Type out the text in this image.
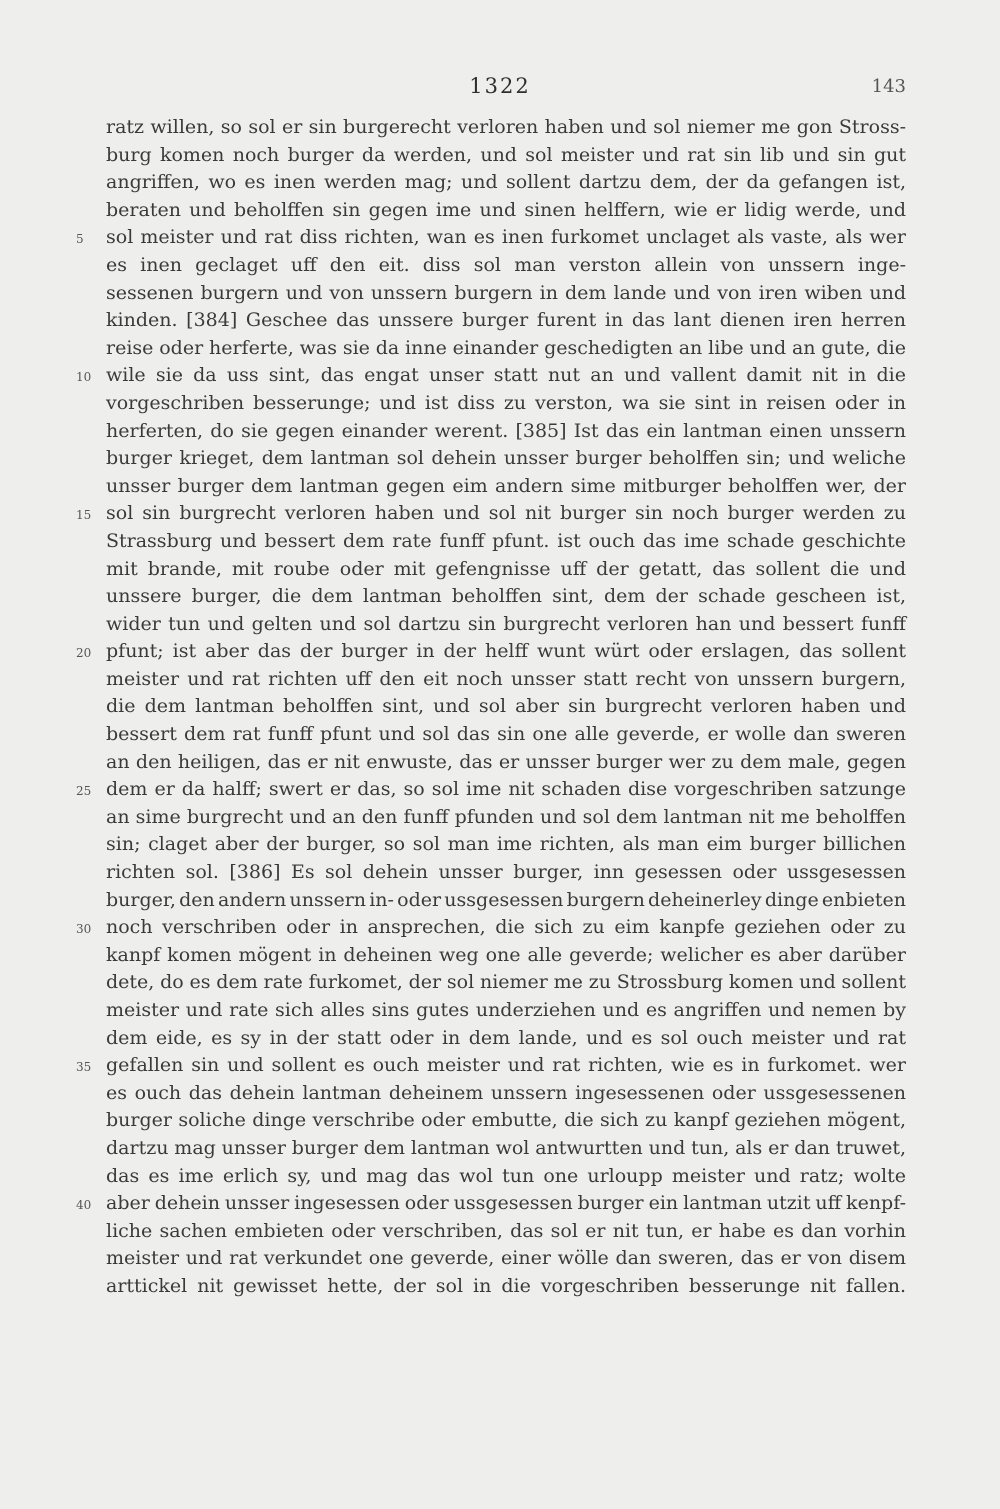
1322	143
ratz willen, so sol er sin burgerecht verloren haben und sol niemer me gon Stross-
burg komen noch burger da werden, und sol meister und rat sin lib und sin gut
angriffen, wo es inen werden mag; und sollent dartzu dem, der da gefangen ist,
beraten und beholffen sin gegen ime und sinen helffern, wie er lidig werde, und
5	sol meister und rat diss richten, wan es inen furkomet unclaget als vaste, als wer
es inen geclaget uff den eit. diss sol man verston allein von unssern inge-
sessenen burgern und von unssern burgern in dem lande und von iren wiben und
kinden. [384] Geschee das unssere burger furent in das lant dienen iren herren
reise oder herferte, was sie da inne einander geschedigten an libe und an gute, die
10 wile sie da uss sint, das engat unser statt nut an und vallent damit nit in die
vorgeschriben besserunge; und ist diss zu verston, wa sie sint in reisen oder in
herferten, do sie gegen einander werent. [385] Ist das ein lantman einen unssern
burger krieget, dem lantman sol dehein unsser burger beholffen sin; und weliche
unsser burger dem lantman gegen eim andern sime mitburger beholffen wer, der
15 sol sin burgrecht verloren haben und sol nit burger sin noch burger werden zu
Strassburg und bessert dem rate funff pfunt. ist ouch das ime schade geschichte
mit brande, mit roube oder mit gefengnisse uff der getatt, das sollent die und
unssere burger, die dem lantman beholffen sint, dem der schade gescheen ist,
wider tun und gelten und sol dartzu sin burgrecht verloren han und bessert funff
20 pfunt; ist aber das der burger in der helff wunt würt oder erslagen, das sollent
meister und rat richten uff den eit noch unsser statt recht von unssern burgern,
die dem lantman beholffen sint, und sol aber sin burgrecht verloren haben und
bessert dem rat funff pfunt und sol das sin one alle geverde, er wolle dan sweren
an den heiligen, das er nit enwuste, das er unsser burger wer zu dem male, gegen
25 dem er da halff; swert er das, so sol ime nit schaden dise vorgeschriben satzunge
an sime burgrecht und an den funff pfunden und sol dem lantman nit me beholffen
sin; claget aber der burger, so sol man ime richten, als man eim burger billichen
richten sol. [386] Es sol dehein unsser burger, inn gesessen oder ussgesessen
burger, den andern unssern in- oder ussgesessen burgern deheinerley dinge enbieten
30 noch verschriben oder in ansprechen, die sich zu eim kanpfe geziehen oder zu
kanpf komen mögent in deheinen weg one alle geverde; welicher es aber darüber
dete, do es dem rate furkomet, der sol niemer me zu Strossburg komen und sollent
meister und rate sich alles sins gutes underziehen und es angriffen und nemen by
dem eide, es sy in der statt oder in dem lande, und es sol ouch meister und rat
35 gefallen sin und sollent es ouch meister und rat richten, wie es in furkomet. wer
es ouch das dehein lantman deheinem unssern ingesessenen oder ussgesessenen
burger soliche dinge verschribe oder embutte, die sich zu kanpf geziehen mögent,
dartzu mag unsser burger dem lantman wol antwurtten und tun, als er dan truwet,
das es ime erlich sy, und mag das wol tun one urloupp meister und ratz; wolte
40 aber dehein unsser ingesessen oder ussgesessen burger ein lantman utzit uff kenpf-
liche sachen embieten oder verschriben, das sol er nit tun, er habe es dan vorhin
meister und rat verkundet one geverde, einer wölle dan sweren, das er von disem
arttickel nit gewisset hette, der sol in die vorgeschriben besserunge nit fallen.
